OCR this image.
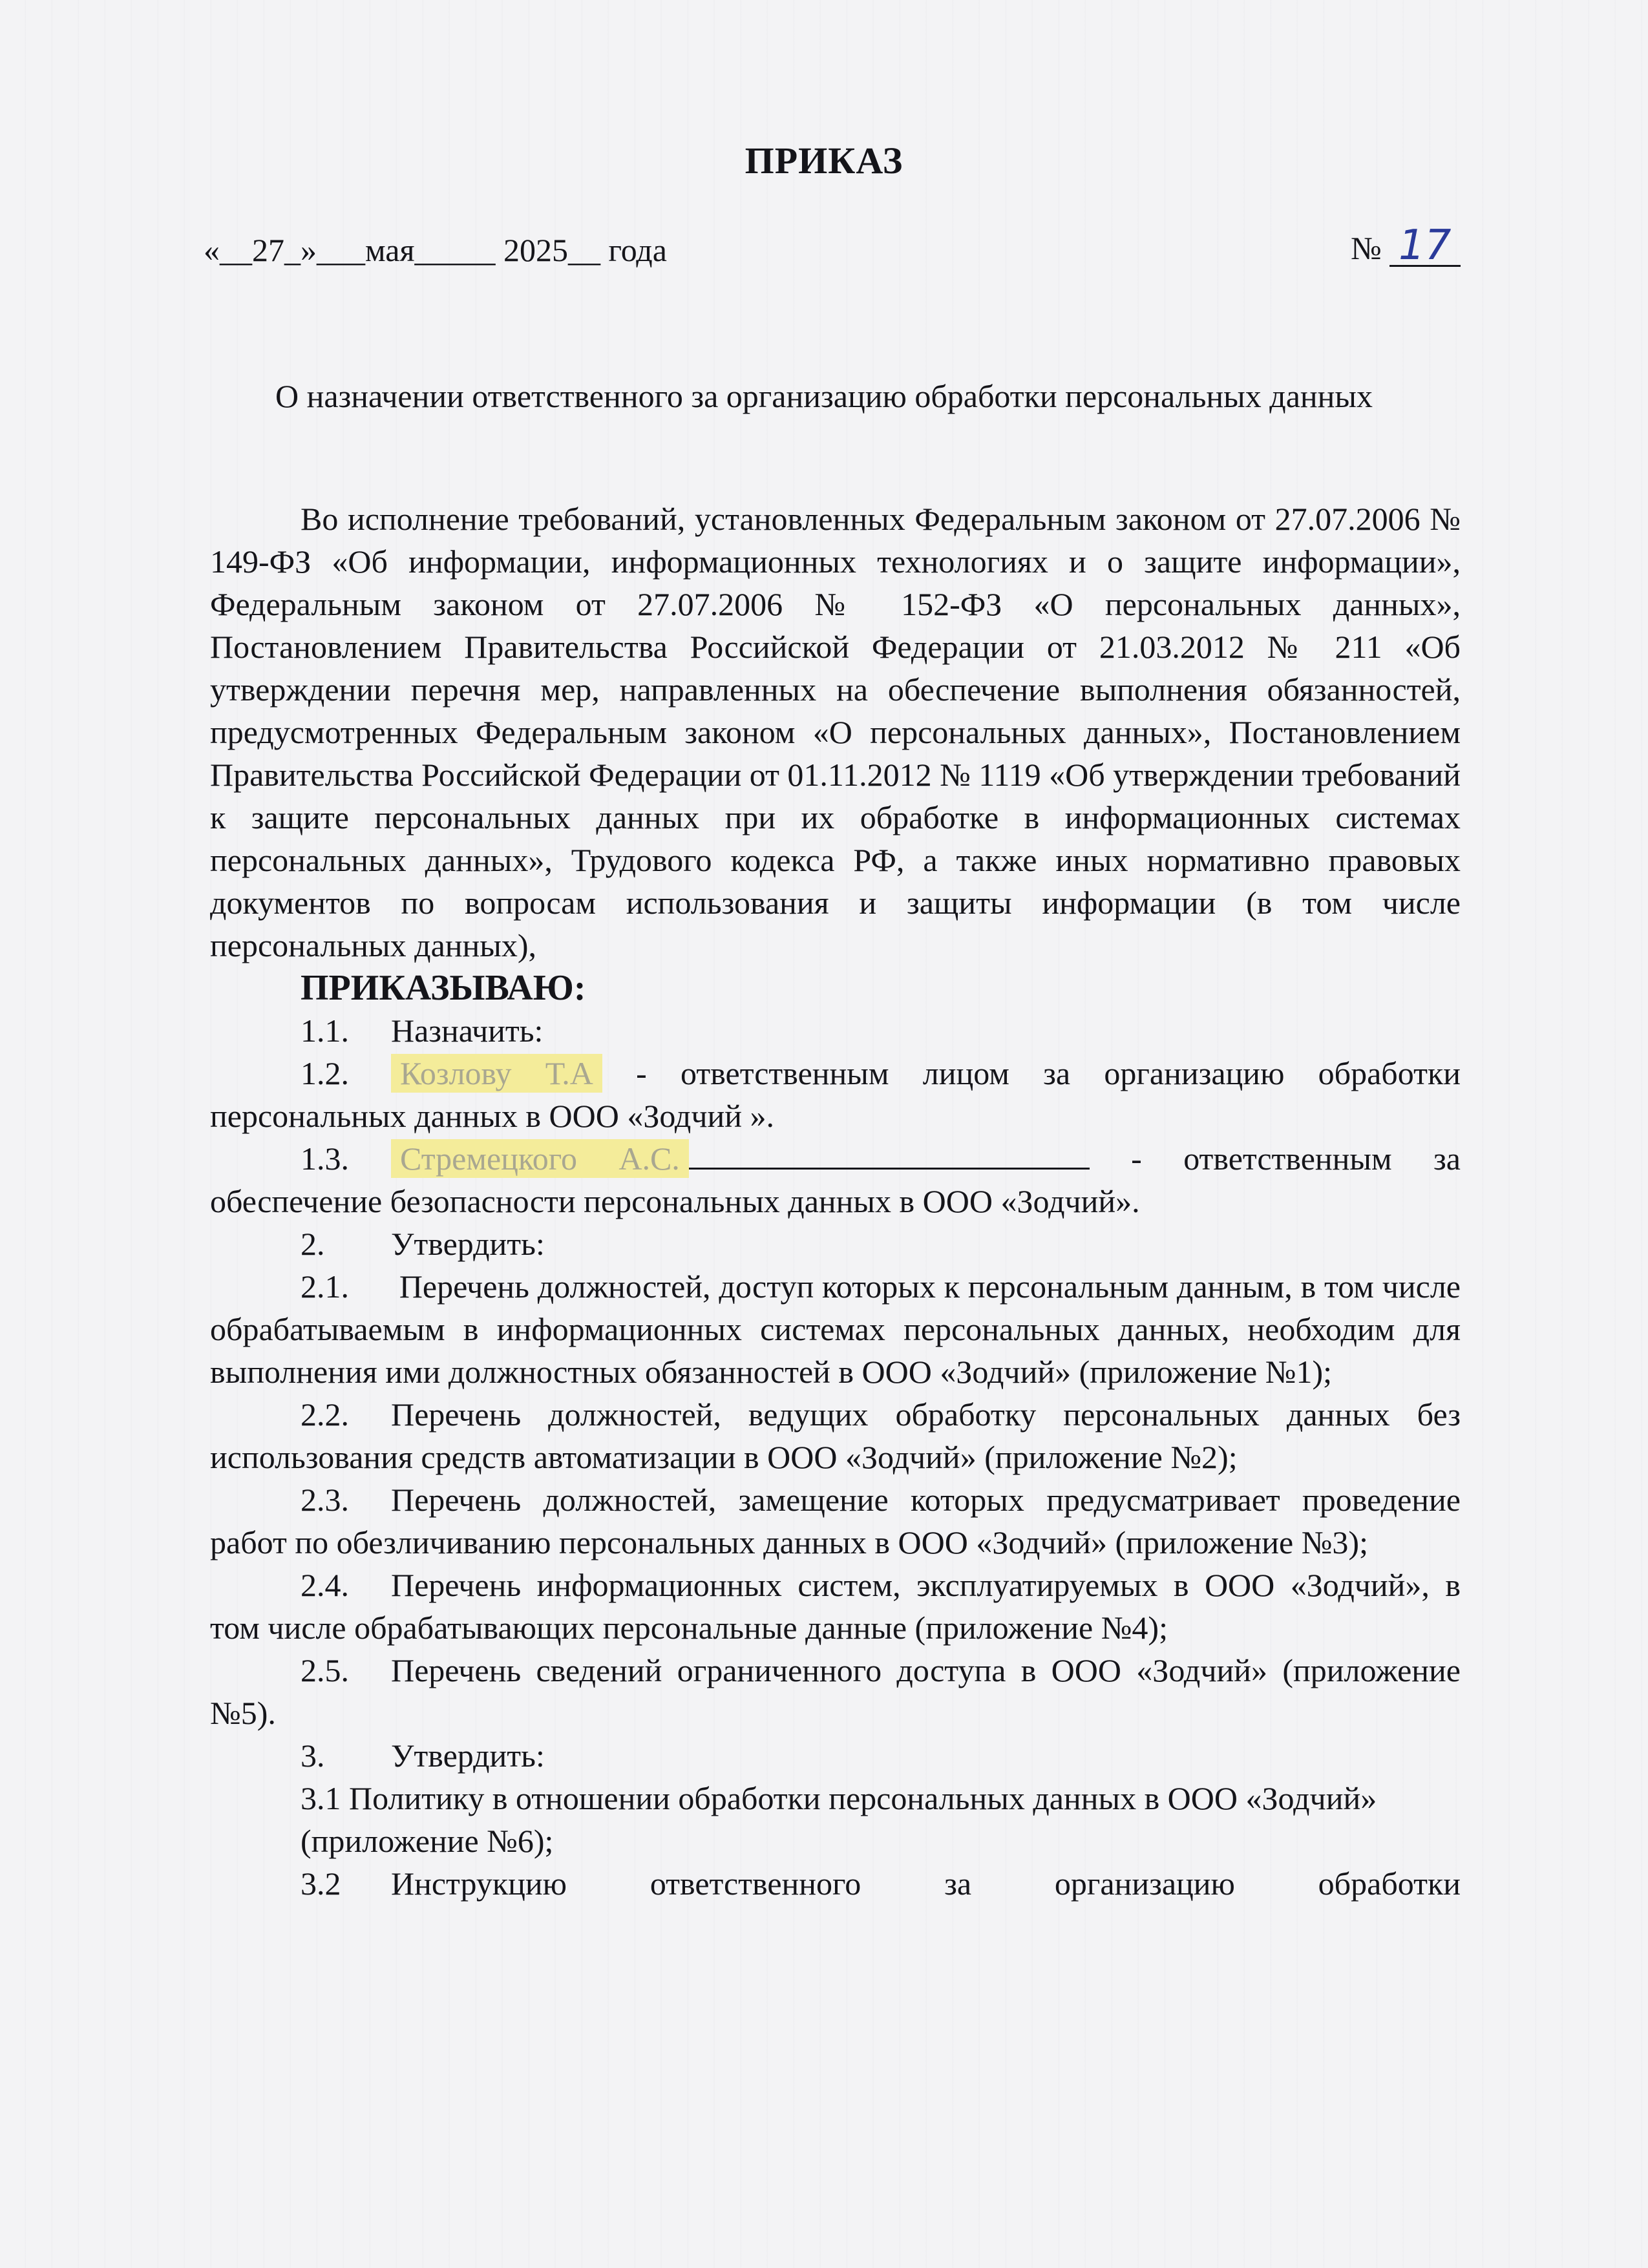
ПРИКАЗ
«__27_»___мая_____ 2025__ года	№ 17
О назначении ответственного за организацию обработки персональных данных

Во исполнение требований, установленных Федеральным законом от 27.07.2006 № 149-ФЗ «Об информации, информационных технологиях и о защите информации», Федеральным законом от 27.07.2006 № 152-ФЗ «О персональных данных», Постановлением Правительства Российской Федерации от 21.03.2012 № 211 «Об утверждении перечня мер, направленных на обеспечение выполнения обязанностей, предусмотренных Федеральным законом «О персональных данных», Постановлением Правительства Российской Федерации от 01.11.2012 № 1119 «Об утверждении требований к защите персональных данных при их обработке в информационных системах персональных данных», Трудового кодекса РФ, а также иных нормативно правовых документов по вопросам использования и защиты информации (в том числе персональных данных),

ПРИКАЗЫВАЮ:

1.1. Назначить:

1.2. Козлову Т.А - ответственным лицом за организацию обработки персональных данных в ООО «Зодчий ».

1.3. Стремецкого А.С.	- ответственным за обеспечение безопасности персональных данных в ООО «Зодчий».

2. Утвердить:

2.1. Перечень должностей, доступ которых к персональным данным, в том числе обрабатываемым в информационных системах персональных данных, необходим для выполнения ими должностных обязанностей в ООО «Зодчий» (приложение №1);

2.2. Перечень должностей, ведущих обработку персональных данных без использования средств автоматизации в ООО «Зодчий» (приложение №2);

2.3. Перечень должностей, замещение которых предусматривает проведение работ по обезличиванию персональных данных в ООО «Зодчий» (приложение №3);

2.4. Перечень информационных систем, эксплуатируемых в ООО «Зодчий», в том числе обрабатывающих персональные данные (приложение №4);

2.5. Перечень сведений ограниченного доступа в ООО «Зодчий» (приложение №5).

3. Утвердить:

3.1 Политику в отношении обработки персональных данных в ООО «Зодчий» (приложение №6);

3.2 Инструкцию ответственного за организацию обработки
